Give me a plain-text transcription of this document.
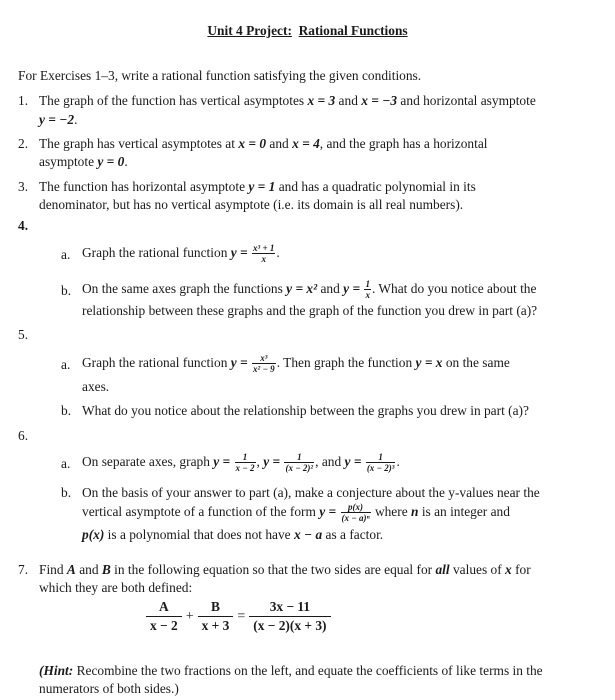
Unit 4 Project: Rational Functions
For Exercises 1–3, write a rational function satisfying the given conditions.
1. The graph of the function has vertical asymptotes x = 3 and x = −3 and horizontal asymptote
y = −2.
2. The graph has vertical asymptotes at x = 0 and x = 4, and the graph has a horizontal
asymptote y = 0.
3. The function has horizontal asymptote y = 1 and has a quadratic polynomial in its
denominator, but has no vertical asymptote (i.e. its domain is all real numbers).
4.
a. Graph the rational function $y = \frac{\text{x³ + 1}}{x}$ .
b. On the same axes graph the functions y = x² and $y = \frac{1}{x}$ . What do you notice about the
relationship between these graphs and the graph of the function you drew in part (a)?
5.
a. Graph the rational function $y = \frac{\text{x³}}{\text{x² − 9}}$ . Then graph the function y = x on the same
axes.
b. What do you notice about the relationship between the graphs you drew in part (a)?
6.
a. On separate axes, graph $y = \frac{1}{x - 2}$ , $y = \frac{1}{\text{(x − 2)²}}$ , and $y = \frac{1}{\text{(x − 2)³}}$ .
b. On the basis of your answer to part (a), make a conjecture about the y-values near the
vertical asymptote of a function of the form $y = \frac{p(x)}{\text{(x − a)ⁿ}}$ where n is an integer and
p(x) is a polynomial that does not have x − a as a factor.
7. Find A and B in the following equation so that the two sides are equal for all values of x for
which they are both defined:
$\frac{A}{x - 2} + \frac{B}{x + 3} = \frac{3x - 11}{(x - 2)(x + 3)}$
(Hint: Recombine the two fractions on the left, and equate the coefficients of like terms in the
numerators of both sides.)
